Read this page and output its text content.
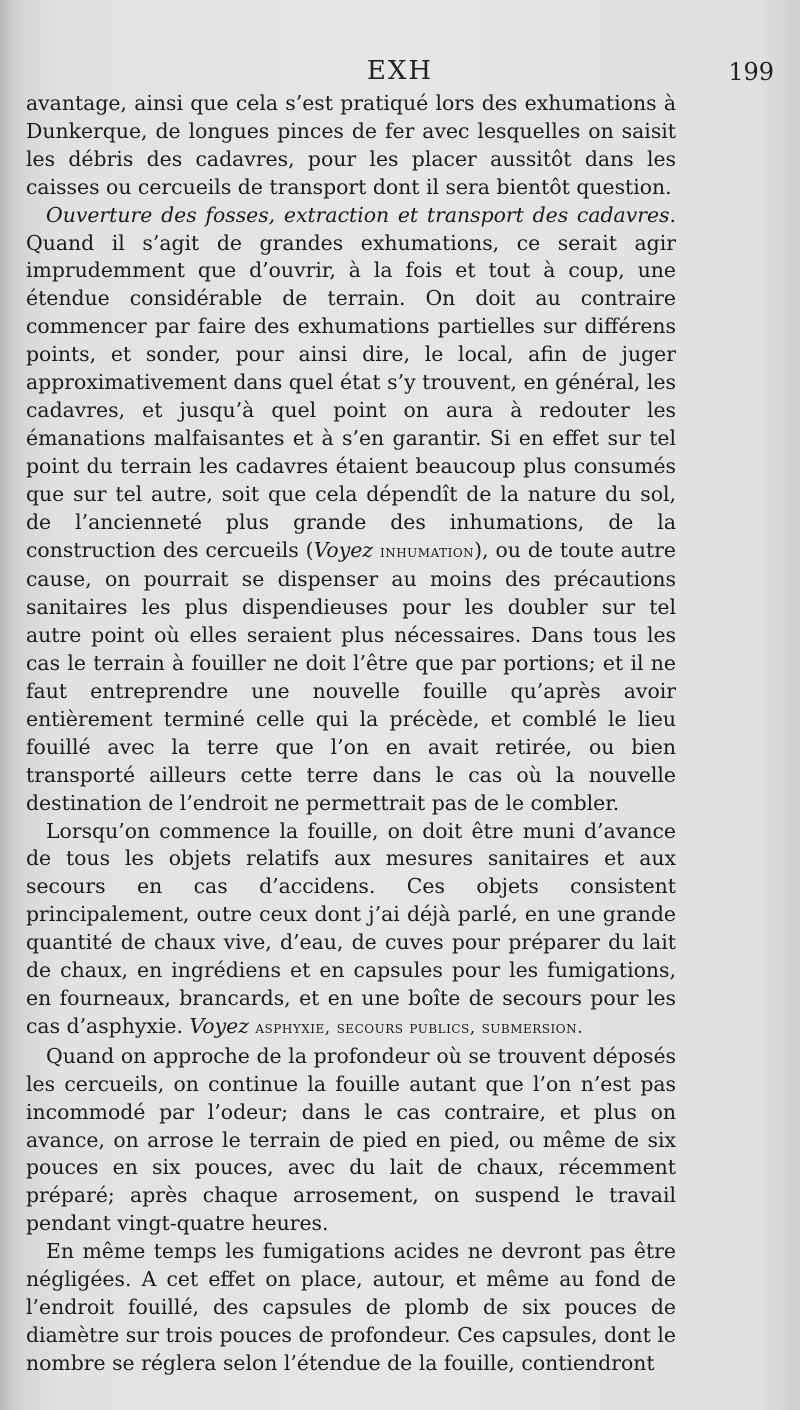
EXH	199

avantage, ainsi que cela s’est pratiqué lors des exhumations à Dunkerque, de longues pinces de fer avec lesquelles on saisit les débris des cadavres, pour les placer aussitôt dans les caisses ou cercueils de transport dont il sera bientôt question.

Ouverture des fosses, extraction et transport des cadavres. Quand il s’agit de grandes exhumations, ce serait agir imprudemment que d’ouvrir, à la fois et tout à coup, une étendue considérable de terrain. On doit au contraire commencer par faire des exhumations partielles sur différens points, et sonder, pour ainsi dire, le local, afin de juger approximativement dans quel état s’y trouvent, en général, les cadavres, et jusqu’à quel point on aura à redouter les émanations malfaisantes et à s’en garantir. Si en effet sur tel point du terrain les cadavres étaient beaucoup plus consumés que sur tel autre, soit que cela dépendît de la nature du sol, de l’ancienneté plus grande des inhumations, de la construction des cercueils (Voyez inhumation), ou de toute autre cause, on pourrait se dispenser au moins des précautions sanitaires les plus dispendieuses pour les doubler sur tel autre point où elles seraient plus nécessaires. Dans tous les cas le terrain à fouiller ne doit l’être que par portions; et il ne faut entreprendre une nouvelle fouille qu’après avoir entièrement terminé celle qui la précède, et comblé le lieu fouillé avec la terre que l’on en avait retirée, ou bien transporté ailleurs cette terre dans le cas où la nouvelle destination de l’endroit ne permettrait pas de le combler.

Lorsqu’on commence la fouille, on doit être muni d’avance de tous les objets relatifs aux mesures sanitaires et aux secours en cas d’accidens. Ces objets consistent principalement, outre ceux dont j’ai déjà parlé, en une grande quantité de chaux vive, d’eau, de cuves pour préparer du lait de chaux, en ingrédiens et en capsules pour les fumigations, en fourneaux, brancards, et en une boîte de secours pour les cas d’asphyxie. Voyez asphyxie, secours publics, submersion.

Quand on approche de la profondeur où se trouvent déposés les cercueils, on continue la fouille autant que l’on n’est pas incommodé par l’odeur; dans le cas contraire, et plus on avance, on arrose le terrain de pied en pied, ou même de six pouces en six pouces, avec du lait de chaux, récemment préparé; après chaque arrosement, on suspend le travail pendant vingt-quatre heures.

En même temps les fumigations acides ne devront pas être négligées. A cet effet on place, autour, et même au fond de l’endroit fouillé, des capsules de plomb de six pouces de diamètre sur trois pouces de profondeur. Ces capsules, dont le nombre se réglera selon l’étendue de la fouille, contiendront
